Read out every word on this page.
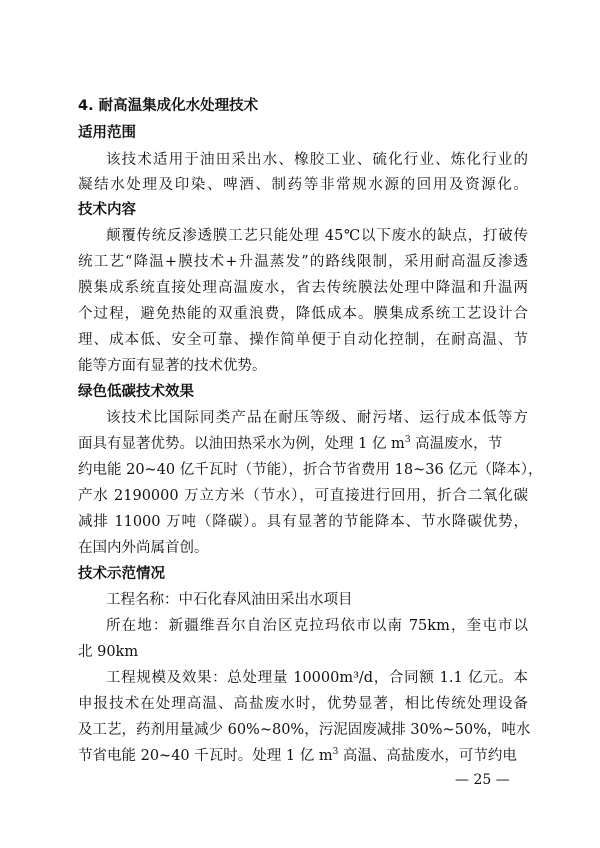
4. 耐高温集成化水处理技术
适用范围
该技术适用于油田采出水、橡胶工业、硫化行业、炼化行业的
凝结水处理及印染、啤酒、制药等非常规水源的回用及资源化。
技术内容
颠覆传统反渗透膜工艺只能处理 45℃以下废水的缺点，打破传
统工艺“降温+膜技术+升温蒸发”的路线限制，采用耐高温反渗透
膜集成系统直接处理高温废水，省去传统膜法处理中降温和升温两
个过程，避免热能的双重浪费，降低成本。膜集成系统工艺设计合
理、成本低、安全可靠、操作简单便于自动化控制，在耐高温、节
能等方面有显著的技术优势。
绿色低碳技术效果
该技术比国际同类产品在耐压等级、耐污堵、运行成本低等方
面具有显著优势。以油田热采水为例，处理 1 亿 $m^3$ 高温废水，节
约电能 20~40 亿千瓦时（节能），折合节省费用 18~36 亿元（降本），
产水 2190000 万立方米（节水），可直接进行回用，折合二氧化碳
减排 11000 万吨（降碳）。具有显著的节能降本、节水降碳优势，
在国内外尚属首创。
技术示范情况
工程名称：中石化春风油田采出水项目
所在地：新疆维吾尔自治区克拉玛依市以南 75km，奎屯市以
北 90km
工程规模及效果：总处理量 10000m³/d，合同额 1.1 亿元。本
申报技术在处理高温、高盐废水时，优势显著，相比传统处理设备
及工艺，药剂用量减少 60%~80%，污泥固废减排 30%~50%，吨水
节省电能 20~40 千瓦时。处理 1 亿 $m^3$ 高温、高盐废水，可节约电
— 25 —
